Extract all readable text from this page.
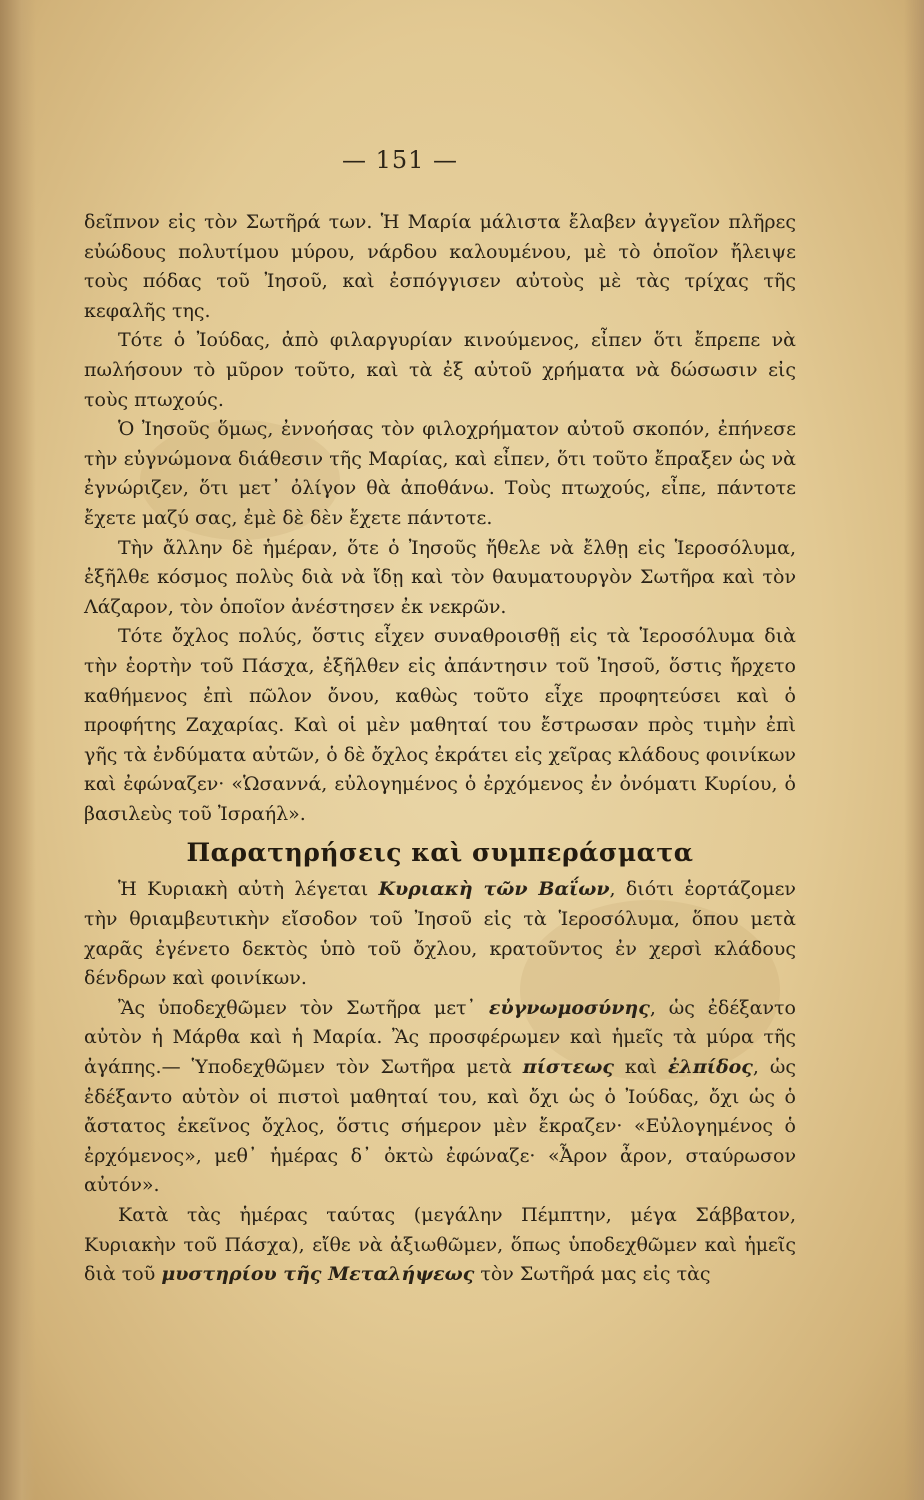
— 151 —

δεῖπνον εἰς τὸν Σωτῆρά των. Ἡ Μαρία μάλιστα ἔλαβεν ἀγγεῖον πλῆρες εὐώδους πολυτίμου μύρου, νάρδου καλουμένου, μὲ τὸ ὁποῖον ἤλειψε τοὺς πόδας τοῦ Ἰησοῦ, καὶ ἐσπόγγισεν αὐτοὺς μὲ τὰς τρίχας τῆς κεφαλῆς της.

Τότε ὁ Ἰούδας, ἀπὸ φιλαργυρίαν κινούμενος, εἶπεν ὅτι ἔπρεπε νὰ πωλήσουν τὸ μῦρον τοῦτο, καὶ τὰ ἐξ αὐτοῦ χρήματα νὰ δώσωσιν εἰς τοὺς πτωχούς.

Ὁ Ἰησοῦς ὅμως, ἐννοήσας τὸν φιλοχρήματον αὐτοῦ σκοπόν, ἐπήνεσε τὴν εὐγνώμονα διάθεσιν τῆς Μαρίας, καὶ εἶπεν, ὅτι τοῦτο ἔπραξεν ὡς νὰ ἐγνώριζεν, ὅτι μετ᾽ ὀλίγον θὰ ἀποθάνω. Τοὺς πτωχούς, εἶπε, πάντοτε ἔχετε μαζύ σας, ἐμὲ δὲ δὲν ἔχετε πάντοτε.

Τὴν ἄλλην δὲ ἡμέραν, ὅτε ὁ Ἰησοῦς ἤθελε νὰ ἔλθῃ εἰς Ἱεροσόλυμα, ἐξῆλθε κόσμος πολὺς διὰ νὰ ἴδῃ καὶ τὸν θαυματουργὸν Σωτῆρα καὶ τὸν Λάζαρον, τὸν ὁποῖον ἀνέστησεν ἐκ νεκρῶν.

Τότε ὄχλος πολύς, ὅστις εἶχεν συναθροισθῇ εἰς τὰ Ἱεροσόλυμα διὰ τὴν ἑορτὴν τοῦ Πάσχα, ἐξῆλθεν εἰς ἀπάντησιν τοῦ Ἰησοῦ, ὅστις ἤρχετο καθήμενος ἐπὶ πῶλον ὄνου, καθὼς τοῦτο εἶχε προφητεύσει καὶ ὁ προφήτης Ζαχαρίας. Καὶ οἱ μὲν μαθηταί του ἔστρωσαν πρὸς τιμὴν ἐπὶ γῆς τὰ ἐνδύματα αὐτῶν, ὁ δὲ ὄχλος ἐκράτει εἰς χεῖρας κλάδους φοινίκων καὶ ἐφώναζεν· «Ὡσαννά, εὐλογημένος ὁ ἐρχόμενος ἐν ὀνόματι Κυρίου, ὁ βασιλεὺς τοῦ Ἰσραήλ».

Παρατηρήσεις καὶ συμπεράσματα

Ἡ Κυριακὴ αὐτὴ λέγεται Κυριακὴ τῶν Βαΐων, διότι ἑορτάζομεν τὴν θριαμβευτικὴν εἴσοδον τοῦ Ἰησοῦ εἰς τὰ Ἱεροσόλυμα, ὅπου μετὰ χαρᾶς ἐγένετο δεκτὸς ὑπὸ τοῦ ὄχλου, κρατοῦντος ἐν χερσὶ κλάδους δένδρων καὶ φοινίκων.

Ἂς ὑποδεχθῶμεν τὸν Σωτῆρα μετ᾽ εὐγνωμοσύνης, ὡς ἐδέξαντο αὐτὸν ἡ Μάρθα καὶ ἡ Μαρία. Ἂς προσφέρωμεν καὶ ἡμεῖς τὰ μύρα τῆς ἀγάπης.— Ὑποδεχθῶμεν τὸν Σωτῆρα μετὰ πίστεως καὶ ἐλπίδος, ὡς ἐδέξαντο αὐτὸν οἱ πιστοὶ μαθηταί του, καὶ ὄχι ὡς ὁ Ἰούδας, ὄχι ὡς ὁ ἄστατος ἐκεῖνος ὄχλος, ὅστις σήμερον μὲν ἔκραζεν· «Εὐλογημένος ὁ ἐρχόμενος», μεθ᾽ ἡμέρας δ᾽ ὀκτὼ ἐφώναζε· «Ἆρον ἆρον, σταύρωσον αὐτόν».

Κατὰ τὰς ἡμέρας ταύτας (μεγάλην Πέμπτην, μέγα Σάββατον, Κυριακὴν τοῦ Πάσχα), εἴθε νὰ ἀξιωθῶμεν, ὅπως ὑποδεχθῶμεν καὶ ἡμεῖς διὰ τοῦ μυστηρίου τῆς Μεταλήψεως τὸν Σωτῆρά μας εἰς τὰς
